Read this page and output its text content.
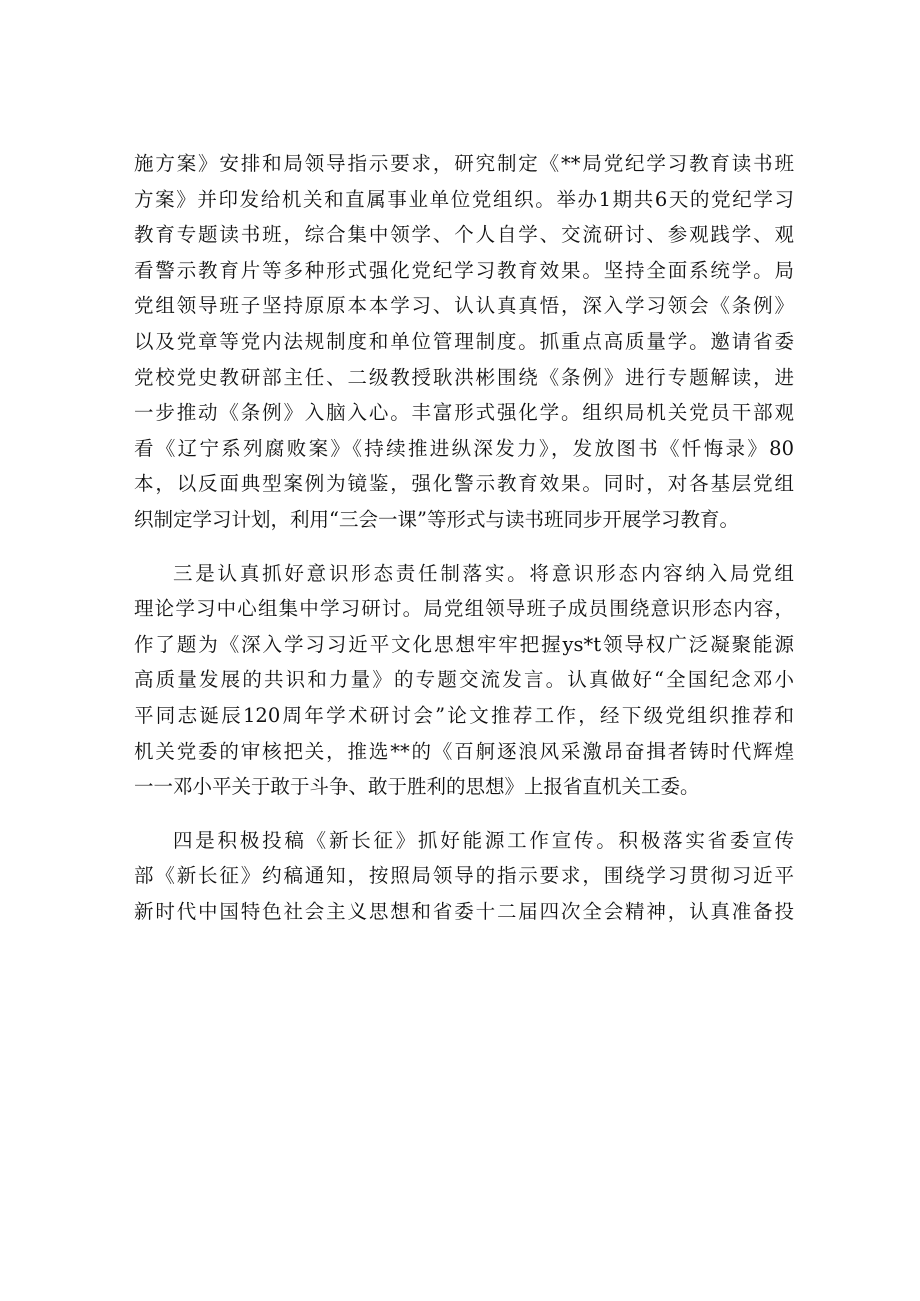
施方案》安排和局领导指示要求，研究制定《**局党纪学习教育读书班
方案》并印发给机关和直属事业单位党组织。举办1期共6天的党纪学习
教育专题读书班，综合集中领学、个人自学、交流研讨、参观践学、观
看警示教育片等多种形式强化党纪学习教育效果。坚持全面系统学。局
党组领导班子坚持原原本本学习、认认真真悟，深入学习领会《条例》
以及党章等党内法规制度和单位管理制度。抓重点高质量学。邀请省委
党校党史教研部主任、二级教授耿洪彬围绕《条例》进行专题解读，进
一步推动《条例》入脑入心。丰富形式强化学。组织局机关党员干部观
看《辽宁系列腐败案》《持续推进纵深发力》，发放图书《忏悔录》80
本，以反面典型案例为镜鉴，强化警示教育效果。同时，对各基层党组
织制定学习计划，利用“三会一课”等形式与读书班同步开展学习教育。
三是认真抓好意识形态责任制落实。将意识形态内容纳入局党组
理论学习中心组集中学习研讨。局党组领导班子成员围绕意识形态内容，
作了题为《深入学习习近平文化思想牢牢把握ys*t领导权广泛凝聚能源
高质量发展的共识和力量》的专题交流发言。认真做好“全国纪念邓小
平同志诞辰120周年学术研讨会”论文推荐工作，经下级党组织推荐和
机关党委的审核把关，推选**的《百舸逐浪风采激昂奋揖者铸时代辉煌
一一邓小平关于敢于斗争、敢于胜利的思想》上报省直机关工委。
四是积极投稿《新长征》抓好能源工作宣传。积极落实省委宣传
部《新长征》约稿通知，按照局领导的指示要求，围绕学习贯彻习近平
新时代中国特色社会主义思想和省委十二届四次全会精神，认真准备投
